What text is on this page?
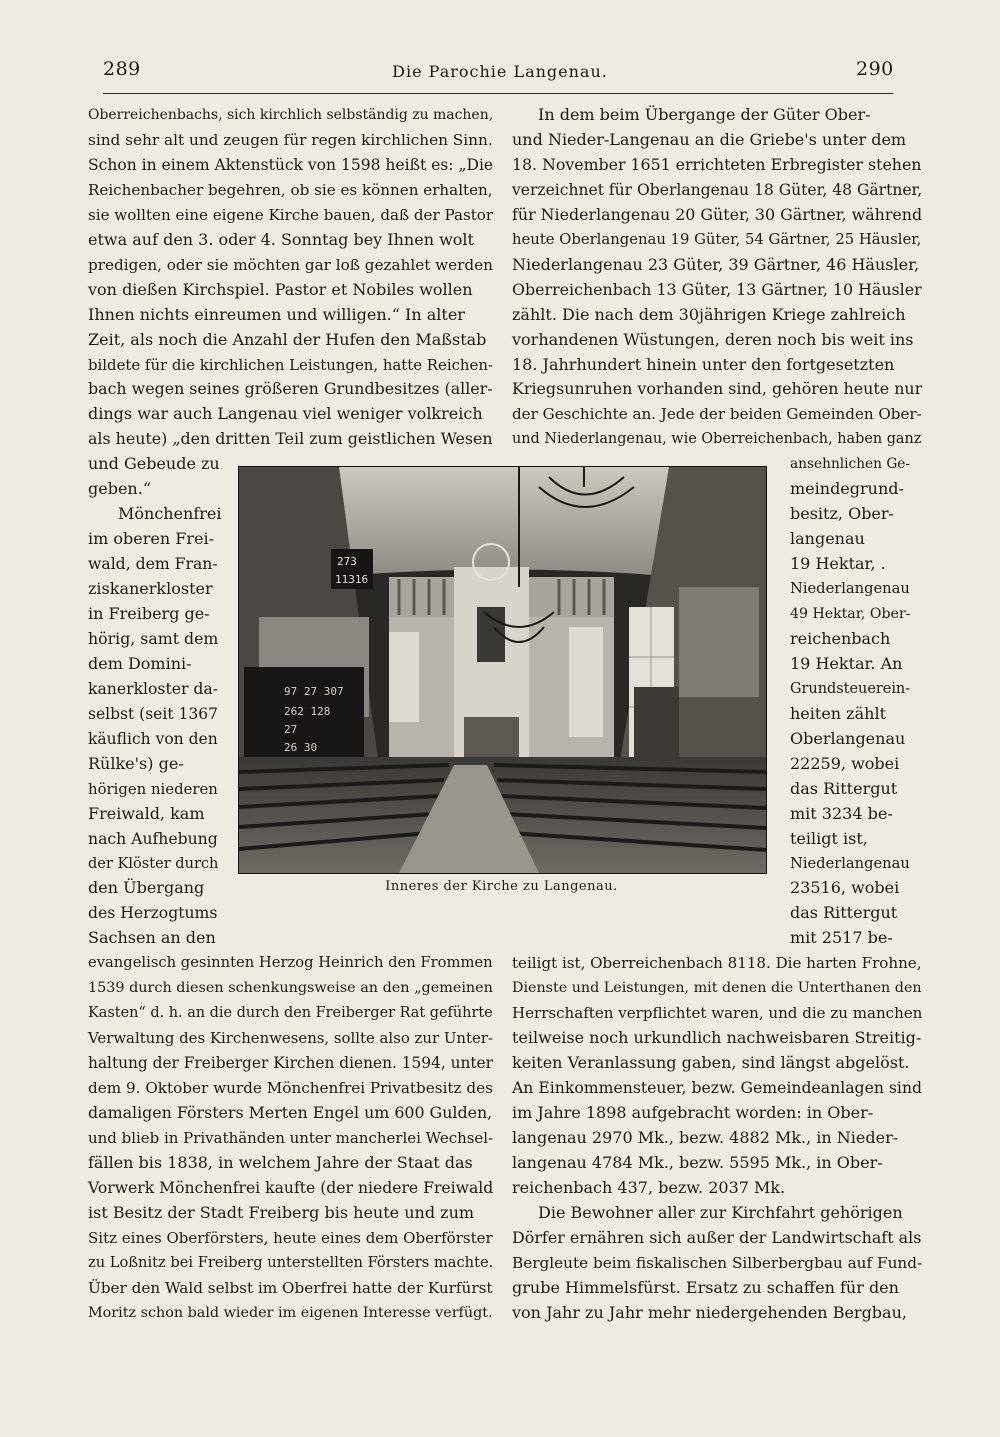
289	Die Parochie Langenau.	290
Oberreichenbachs, sich kirchlich selbständig zu machen,
sind sehr alt und zeugen für regen kirchlichen Sinn.
Schon in einem Aktenstück von 1598 heißt es: „Die
Reichenbacher begehren, ob sie es können erhalten,
sie wollten eine eigene Kirche bauen, daß der Pastor
etwa auf den 3. oder 4. Sonntag bey Ihnen wolt
predigen, oder sie möchten gar loß gezahlet werden
von dießen Kirchspiel. Pastor et Nobiles wollen
Ihnen nichts einreumen und willigen.“ In alter
Zeit, als noch die Anzahl der Hufen den Maßstab
bildete für die kirchlichen Leistungen, hatte Reichen-
bach wegen seines größeren Grundbesitzes (aller-
dings war auch Langenau viel weniger volkreich
als heute) „den dritten Teil zum geistlichen Wesen
und Gebeude zu
geben.“
Mönchenfrei
im oberen Frei-
wald, dem Fran-
ziskanerkloster
in Freiberg ge-
hörig, samt dem
dem Domini-
kanerkloster da-
selbst (seit 1367
käuflich von den
Rülke's) ge-
hörigen niederen
Freiwald, kam
nach Aufhebung
der Klöster durch
den Übergang
des Herzogtums
Sachsen an den
evangelisch gesinnten Herzog Heinrich den Frommen
1539 durch diesen schenkungsweise an den „gemeinen
Kasten“ d. h. an die durch den Freiberger Rat geführte
Verwaltung des Kirchenwesens, sollte also zur Unter-
haltung der Freiberger Kirchen dienen. 1594, unter
dem 9. Oktober wurde Mönchenfrei Privatbesitz des
damaligen Försters Merten Engel um 600 Gulden,
und blieb in Privathänden unter mancherlei Wechsel-
fällen bis 1838, in welchem Jahre der Staat das
Vorwerk Mönchenfrei kaufte (der niedere Freiwald
ist Besitz der Stadt Freiberg bis heute und zum
Sitz eines Oberförsters, heute eines dem Oberförster
zu Loßnitz bei Freiberg unterstellten Försters machte.
Über den Wald selbst im Oberfrei hatte der Kurfürst
Moritz schon bald wieder im eigenen Interesse verfügt.
In dem beim Übergange der Güter Ober-
und Nieder-Langenau an die Griebe's unter dem
18. November 1651 errichteten Erbregister stehen
verzeichnet für Oberlangenau 18 Güter, 48 Gärtner,
für Niederlangenau 20 Güter, 30 Gärtner, während
heute Oberlangenau 19 Güter, 54 Gärtner, 25 Häusler,
Niederlangenau 23 Güter, 39 Gärtner, 46 Häusler,
Oberreichenbach 13 Güter, 13 Gärtner, 10 Häusler
zählt. Die nach dem 30jährigen Kriege zahlreich
vorhandenen Wüstungen, deren noch bis weit ins
18. Jahrhundert hinein unter den fortgesetzten
Kriegsunruhen vorhanden sind, gehören heute nur
der Geschichte an. Jede der beiden Gemeinden Ober-
und Niederlangenau, wie Oberreichenbach, haben ganz
ansehnlichen Ge-
meindegrund-
besitz, Ober-
langenau
19 Hektar, .
Niederlangenau
49 Hektar, Ober-
reichenbach
19 Hektar. An
Grundsteuerein-
heiten zählt
Oberlangenau
22259, wobei
das Rittergut
mit 3234 be-
teiligt ist,
Niederlangenau
23516, wobei
das Rittergut
mit 2517 be-
teiligt ist, Oberreichenbach 8118. Die harten Frohne,
Dienste und Leistungen, mit denen die Unterthanen den
Herrschaften verpflichtet waren, und die zu manchen
teilweise noch urkundlich nachweisbaren Streitig-
keiten Veranlassung gaben, sind längst abgelöst.
An Einkommensteuer, bezw. Gemeindeanlagen sind
im Jahre 1898 aufgebracht worden: in Ober-
langenau 2970 Mk., bezw. 4882 Mk., in Nieder-
langenau 4784 Mk., bezw. 5595 Mk., in Ober-
reichenbach 437, bezw. 2037 Mk.
Die Bewohner aller zur Kirchfahrt gehörigen
Dörfer ernähren sich außer der Landwirtschaft als
Bergleute beim fiskalischen Silberbergbau auf Fund-
grube Himmelsfürst. Ersatz zu schaffen für den
von Jahr zu Jahr mehr niedergehenden Bergbau,
97 27 307
262 128
27
26 30
273
11316
Inneres der Kirche zu Langenau.
